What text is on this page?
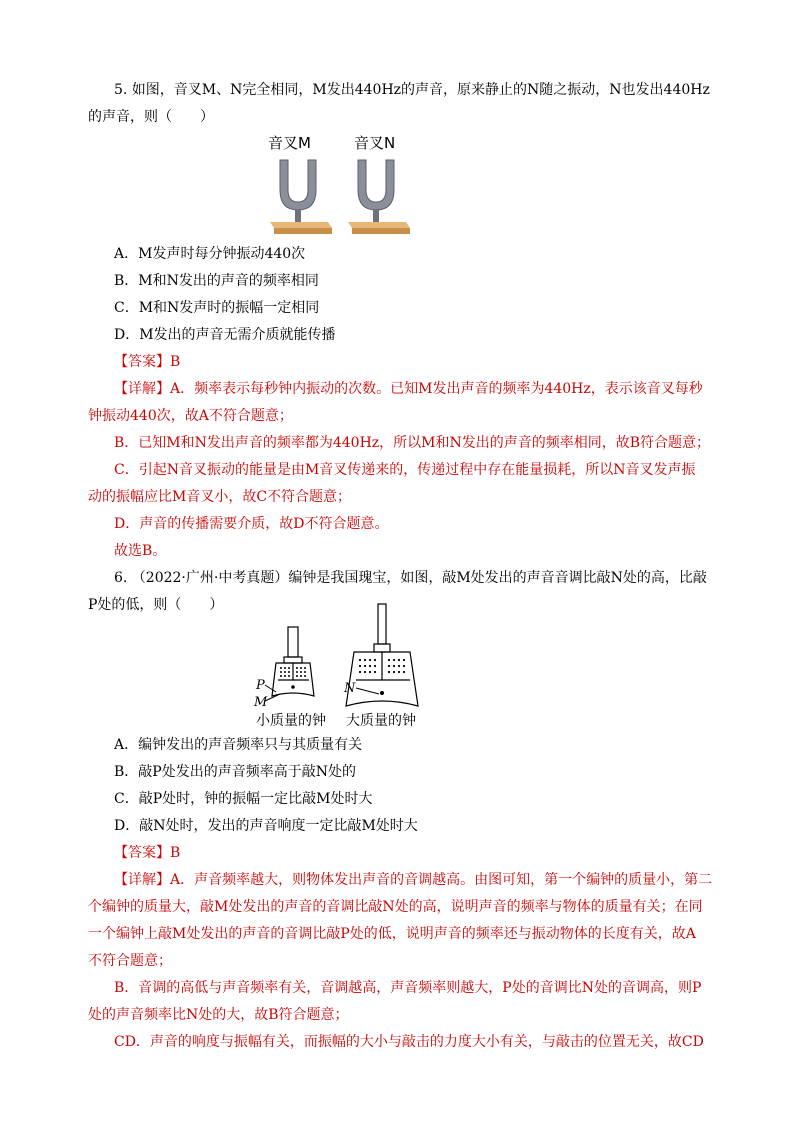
5. 如图，音叉M、N完全相同，M发出440Hz的声音，原来静止的N随之振动，N也发出440Hz
的声音，则（　　）
音叉M	音叉N
A．M发声时每分钟振动440次
B．M和N发出的声音的频率相同
C．M和N发声时的振幅一定相同
D．M发出的声音无需介质就能传播
【答案】B
【详解】A．频率表示每秒钟内振动的次数。已知M发出声音的频率为440Hz，表示该音叉每秒
钟振动440次，故A不符合题意；
B．已知M和N发出声音的频率都为440Hz，所以M和N发出的声音的频率相同，故B符合题意；
C．引起N音叉振动的能量是由M音叉传递来的，传递过程中存在能量损耗，所以N音叉发声振
动的振幅应比M音叉小，故C不符合题意；
D．声音的传播需要介质，故D不符合题意。
故选B。
6. （2022·广州·中考真题）编钟是我国瑰宝，如图，敲M处发出的声音音调比敲N处的高，比敲
P处的低，则（　　）
P
M
N
小质量的钟 大质量的钟
A．编钟发出的声音频率只与其质量有关
B．敲P处发出的声音频率高于敲N处的
C．敲P处时，钟的振幅一定比敲M处时大
D．敲N处时，发出的声音响度一定比敲M处时大
【答案】B
【详解】A．声音频率越大，则物体发出声音的音调越高。由图可知，第一个编钟的质量小，第二
个编钟的质量大，敲M处发出的声音的音调比敲N处的高，说明声音的频率与物体的质量有关；在同
一个编钟上敲M处发出的声音的音调比敲P处的低，说明声音的频率还与振动物体的长度有关，故A
不符合题意；
B．音调的高低与声音频率有关，音调越高，声音频率则越大，P处的音调比N处的音调高，则P
处的声音频率比N处的大，故B符合题意；
CD．声音的响度与振幅有关，而振幅的大小与敲击的力度大小有关，与敲击的位置无关，故CD
